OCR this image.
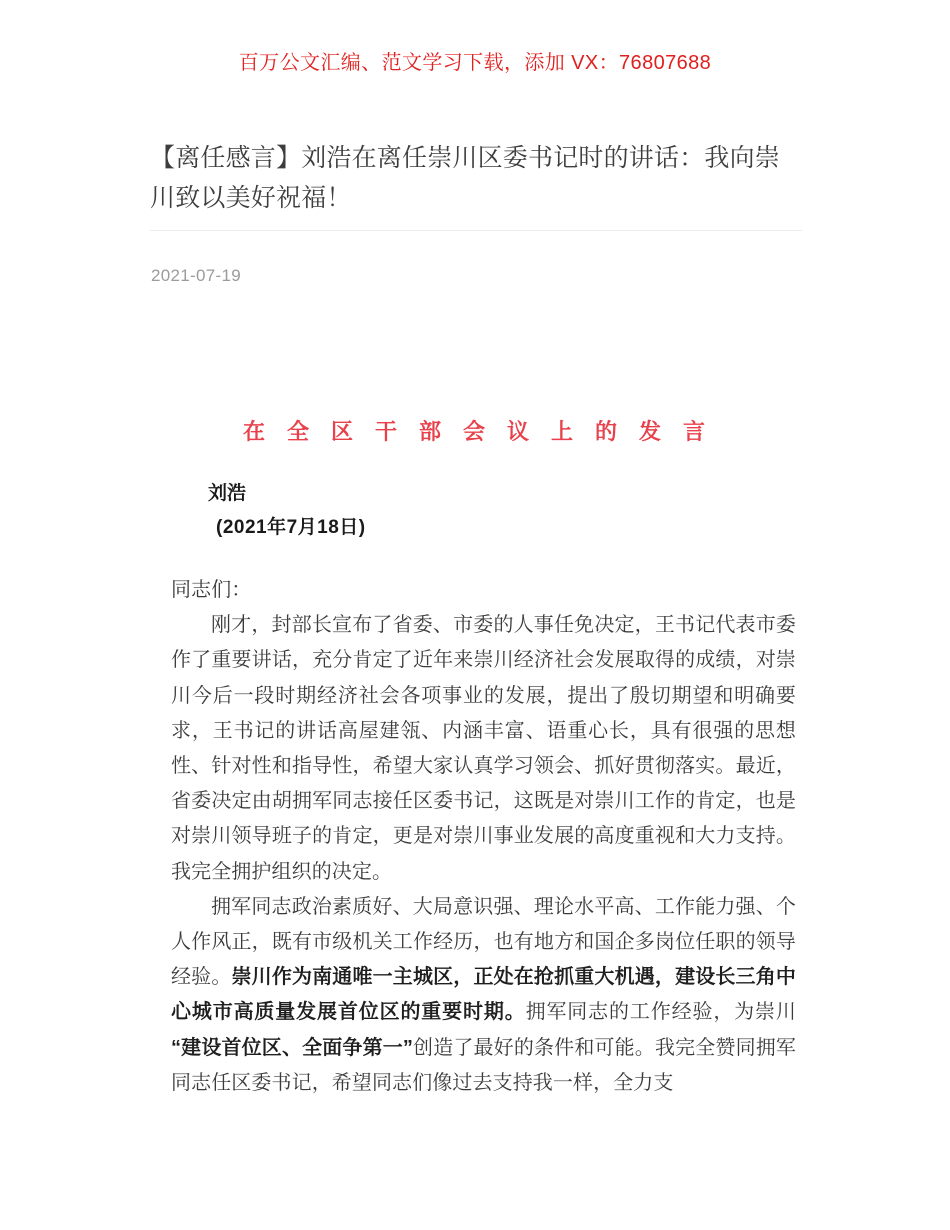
百万公文汇编、范文学习下载，添加 VX：76807688
【离任感言】刘浩在离任崇川区委书记时的讲话：我向崇川致以美好祝福！
2021-07-19
在全区干部会议上的发言

刘浩

(2021年7月18日)

同志们：

刚才，封部长宣布了省委、市委的人事任免决定，王书记代表市委作了重要讲话，充分肯定了近年来崇川经济社会发展取得的成绩，对崇川今后一段时期经济社会各项事业的发展，提出了殷切期望和明确要求，王书记的讲话高屋建瓴、内涵丰富、语重心长，具有很强的思想性、针对性和指导性，希望大家认真学习领会、抓好贯彻落实。最近，省委决定由胡拥军同志接任区委书记，这既是对崇川工作的肯定，也是对崇川领导班子的肯定，更是对崇川事业发展的高度重视和大力支持。我完全拥护组织的决定。

拥军同志政治素质好、大局意识强、理论水平高、工作能力强、个人作风正，既有市级机关工作经历，也有地方和国企多岗位任职的领导经验。崇川作为南通唯一主城区，正处在抢抓重大机遇，建设长三角中心城市高质量发展首位区的重要时期。拥军同志的工作经验，为崇川“建设首位区、全面争第一”创造了最好的条件和可能。我完全赞同拥军同志任区委书记，希望同志们像过去支持我一样，全力支
